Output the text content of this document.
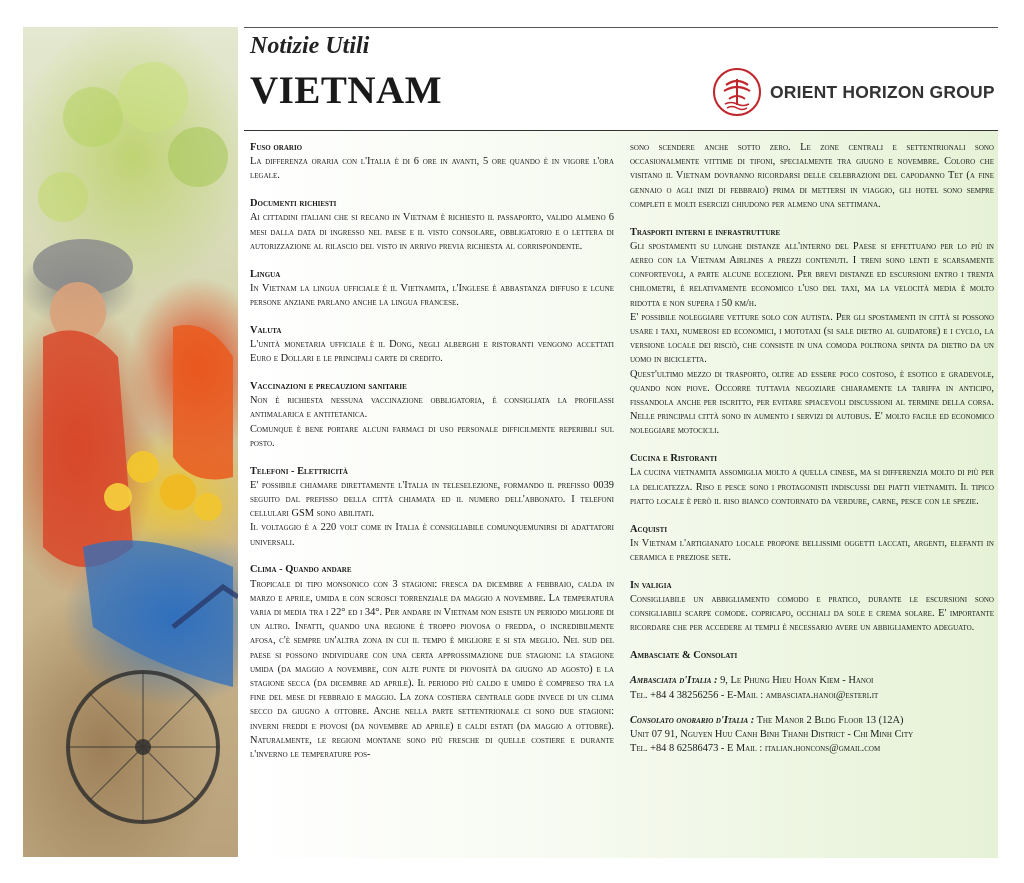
Notizie Utili
VIETNAM	ORIENT HORIZON GROUP
Fuso orario

La differenza oraria con l'Italia è di 6 ore in avanti, 5 ore quando è in vigore l'ora legale.

Documenti richiesti

Ai cittadini italiani che si recano in Vietnam è richiesto il passaporto, valido almeno 6 mesi dalla data di ingresso nel paese e il visto consolare, obbligatorio e o lettera di autorizzazione al rilascio del visto in arrivo previa richiesta al corrispondente.

Lingua

In Vietnam la lingua ufficiale è il Vietnamita, l'Inglese è abbastanza diffuso e lcune persone anziane parlano anche la lingua francese.

Valuta

L'unità monetaria ufficiale è il Dong, negli alberghi e ristoranti vengono accettati Euro e Dollari e le principali carte di credito.

Vaccinazioni e precauzioni sanitarie

Non è richiesta nessuna vaccinazione obbligatoria, è consigliata la profilassi antimalarica e antitetanica.

Comunque è bene portare alcuni farmaci di uso personale difficilmente reperibili sul posto.

Telefoni - Elettricità

E' possibile chiamare direttamente l'Italia in teleselezione, formando il prefisso 0039 seguito dal prefisso della città chiamata ed il numero dell'abbonato. I telefoni cellulari GSM sono abilitati.

Il voltaggio è a 220 volt come in Italia è consigliabile comunquemunirsi di adattatori universali.

Clima - Quando andare

Tropicale di tipo monsonico con 3 stagioni: fresca da dicembre a febbraio, calda in marzo e aprile, umida e con scrosci torrenziale da maggio a novembre. La temperatura varia di media tra i 22° ed i 34°. Per andare in Vietnam non esiste un periodo migliore di un altro. Infatti, quando una regione è troppo piovosa o fredda, o incredibilmente afosa, c'è sempre un'altra zona in cui il tempo è migliore e si sta meglio. Nel sud del paese si possono individuare con una certa approssimazione due stagioni: la stagione umida (da maggio a novembre, con alte punte di piovosità da giugno ad agosto) e la stagione secca (da dicembre ad aprile). Il periodo più caldo e umido è compreso tra la fine del mese di febbraio e maggio. La zona costiera centrale gode invece di un clima secco da giugno a ottobre. Anche nella parte settentrionale ci sono due stagioni: inverni freddi e piovosi (da novembre ad aprile) e caldi estati (da maggio a ottobre). Naturalmente, le regioni montane sono più fresche di quelle costiere e durante l'inverno le temperature pos-

sono scendere anche sotto zero. Le zone centrali e settentrionali sono occasionalmente vittime di tifoni, specialmente tra giugno e novembre. Coloro che visitano il Vietnam dovranno ricordarsi delle celebrazioni del capodanno Tet (a fine gennaio o agli inizi di febbraio) prima di mettersi in viaggio, gli hotel sono sempre completi e molti esercizi chiudono per almeno una settimana.

Trasporti interni e infrastrutture

Gli spostamenti su lunghe distanze all'interno del Paese si effettuano per lo più in aereo con la Vietnam Airlines a prezzi contenuti. I treni sono lenti e scarsamente confortevoli, a parte alcune eccezioni. Per brevi distanze ed escursioni entro i trenta chilometri, è relativamente economico l'uso del taxi, ma la velocità media è molto ridotta e non supera i 50 km/h.

E' possibile noleggiare vetture solo con autista. Per gli spostamenti in città si possono usare i taxi, numerosi ed economici, i mototaxi (si sale dietro al guidatore) e i cyclo, la versione locale dei risciò, che consiste in una comoda poltrona spinta da dietro da un uomo in bicicletta.

Quest'ultimo mezzo di trasporto, oltre ad essere poco costoso, è esotico e gradevole, quando non piove. Occorre tuttavia negoziare chiaramente la tariffa in anticipo, fissandola anche per iscritto, per evitare spiacevoli discussioni al termine della corsa. Nelle principali città sono in aumento i servizi di autobus. E' molto facile ed economico noleggiare motocicli.

Cucina e Ristoranti

La cucina vietnamita assomiglia molto a quella cinese, ma si differenzia molto di più per la delicatezza. Riso e pesce sono i protagonisti indiscussi dei piatti vietnamiti. Il tipico piatto locale è però il riso bianco contornato da verdure, carne, pesce con le spezie.

Acquisti

In Vietnam l'artigianato locale propone bellissimi oggetti laccati, argenti, elefanti in ceramica e preziose sete.

In valigia

Consigliabile un abbigliamento comodo e pratico, durante le escursioni sono consigliabili scarpe comode. copricapo, occhiali da sole e crema solare. E' importante ricordare che per accedere ai templi è necessario avere un abbigliamento adeguato.

Ambasciate & Consolati

Ambasciata d'Italia : 9, Le Phung Hieu Hoan Kiem - Hanoi

Tel. +84 4 38256256 - E-Mail : ambasciata.hanoi@esteri.it

Consolato onorario d'Italia : The Manor 2 Bldg Floor 13 (12A)

Unit 07 91, Nguyen Huu Canh Binh Thanh District - Chi Minh City

Tel. +84 8 62586473 - E Mail : italian.honcons@gmail.com
